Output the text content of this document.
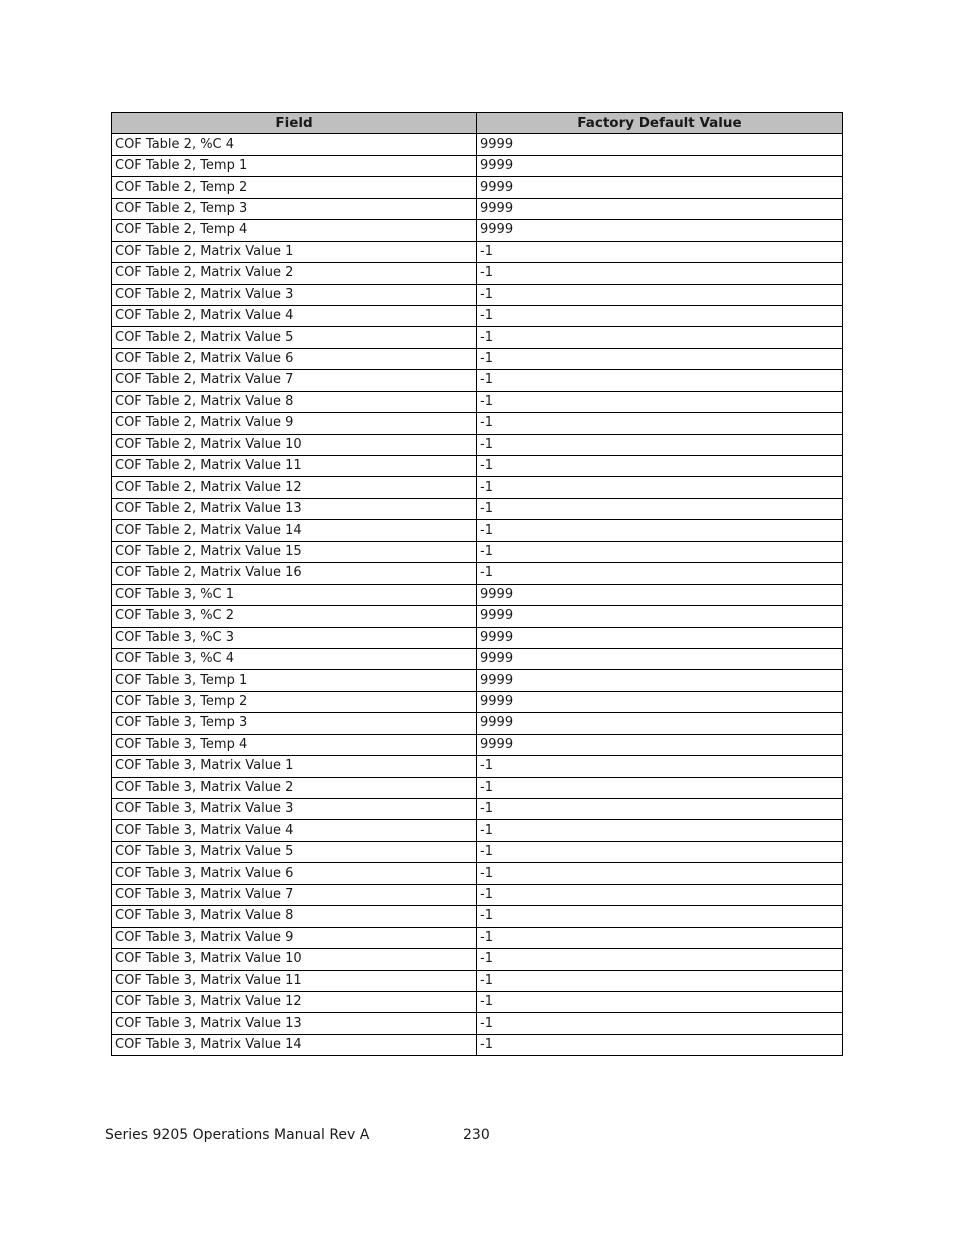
Field	Factory Default Value
COF Table 2, %C 4	9999
COF Table 2, Temp 1	9999
COF Table 2, Temp 2	9999
COF Table 2, Temp 3	9999
COF Table 2, Temp 4	9999
COF Table 2, Matrix Value 1	-1
COF Table 2, Matrix Value 2	-1
COF Table 2, Matrix Value 3	-1
COF Table 2, Matrix Value 4	-1
COF Table 2, Matrix Value 5	-1
COF Table 2, Matrix Value 6	-1
COF Table 2, Matrix Value 7	-1
COF Table 2, Matrix Value 8	-1
COF Table 2, Matrix Value 9	-1
COF Table 2, Matrix Value 10	-1
COF Table 2, Matrix Value 11	-1
COF Table 2, Matrix Value 12	-1
COF Table 2, Matrix Value 13	-1
COF Table 2, Matrix Value 14	-1
COF Table 2, Matrix Value 15	-1
COF Table 2, Matrix Value 16	-1
COF Table 3, %C 1	9999
COF Table 3, %C 2	9999
COF Table 3, %C 3	9999
COF Table 3, %C 4	9999
COF Table 3, Temp 1	9999
COF Table 3, Temp 2	9999
COF Table 3, Temp 3	9999
COF Table 3, Temp 4	9999
COF Table 3, Matrix Value 1	-1
COF Table 3, Matrix Value 2	-1
COF Table 3, Matrix Value 3	-1
COF Table 3, Matrix Value 4	-1
COF Table 3, Matrix Value 5	-1
COF Table 3, Matrix Value 6	-1
COF Table 3, Matrix Value 7	-1
COF Table 3, Matrix Value 8	-1
COF Table 3, Matrix Value 9	-1
COF Table 3, Matrix Value 10	-1
COF Table 3, Matrix Value 11	-1
COF Table 3, Matrix Value 12	-1
COF Table 3, Matrix Value 13	-1
COF Table 3, Matrix Value 14	-1
Series 9205 Operations Manual Rev A	230
